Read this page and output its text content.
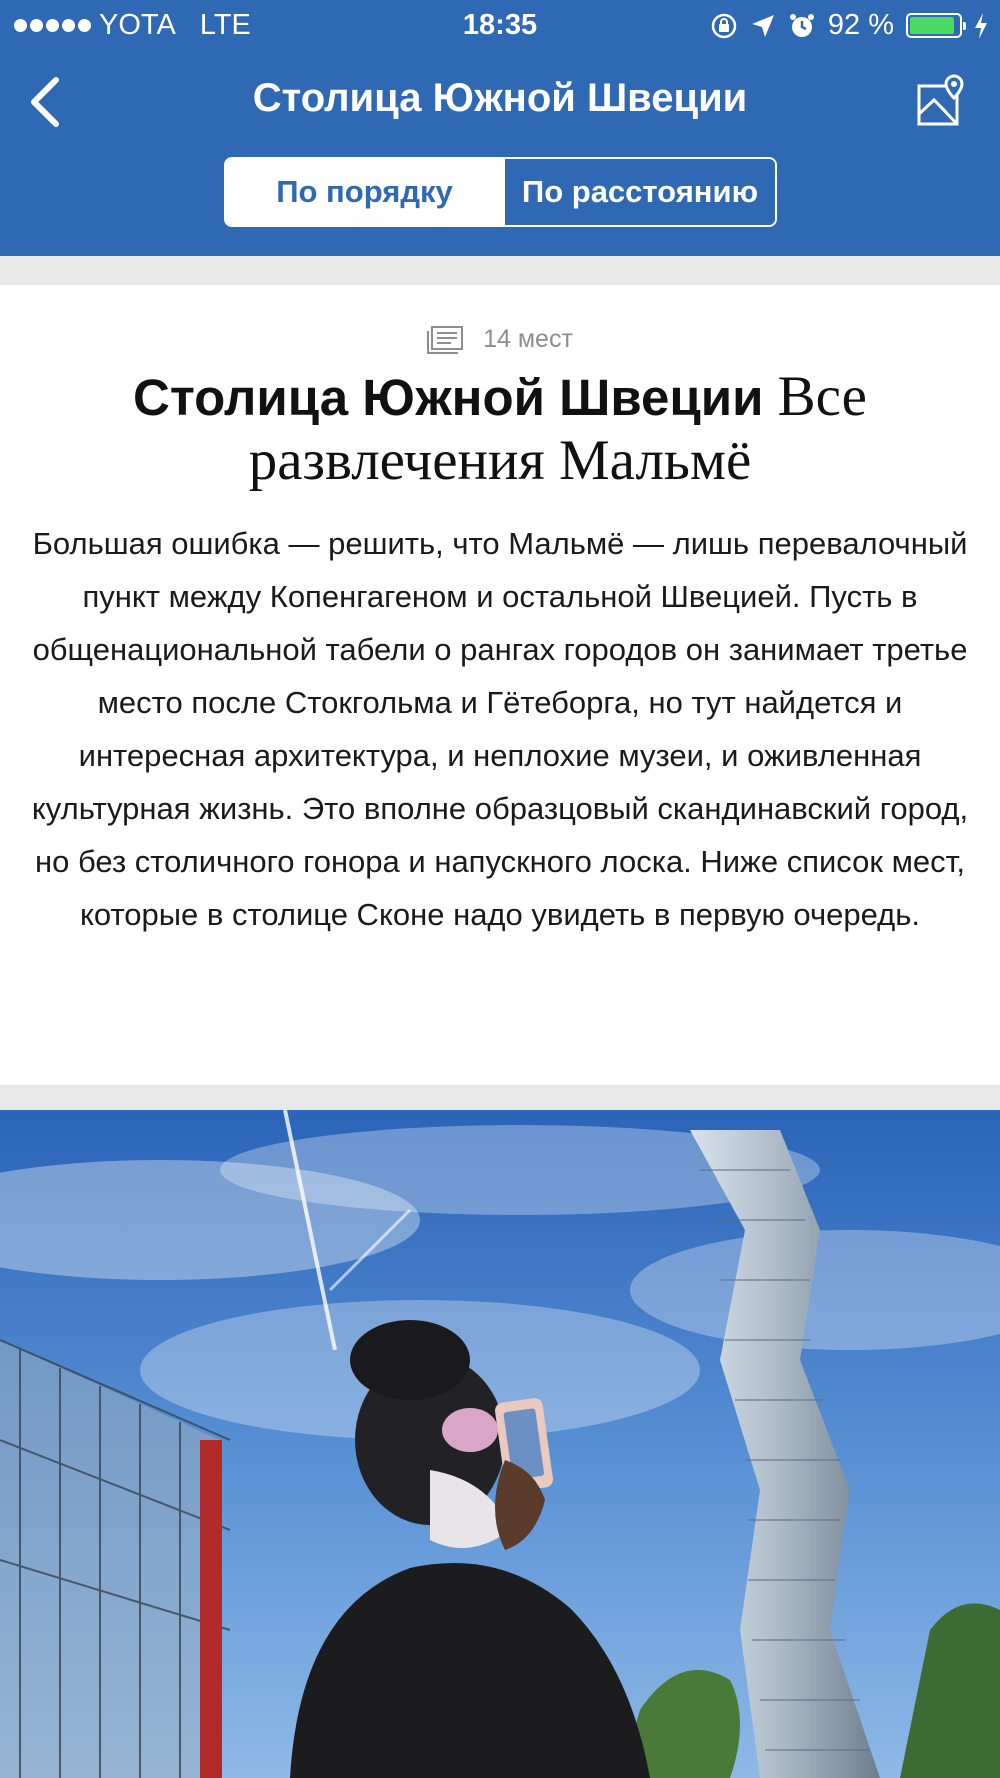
YOTA LTE	18:35	92 %
Столица Южной Швеции
По порядку	По расстоянию
14 мест
Столица Южной Швеции Все развлечения Мальмё
Большая ошибка — решить, что Мальмё — лишь перевалочный пункт между Копенгагеном и остальной Швецией. Пусть в общенациональной табели о рангах городов он занимает третье место после Стокгольма и Гётеборга, но тут найдется и интересная архитектура, и неплохие музеи, и оживленная культурная жизнь. Это вполне образцовый скандинавский город, но без столичного гонора и напускного лоска. Ниже список мест, которые в столице Сконе надо увидеть в первую очередь.
